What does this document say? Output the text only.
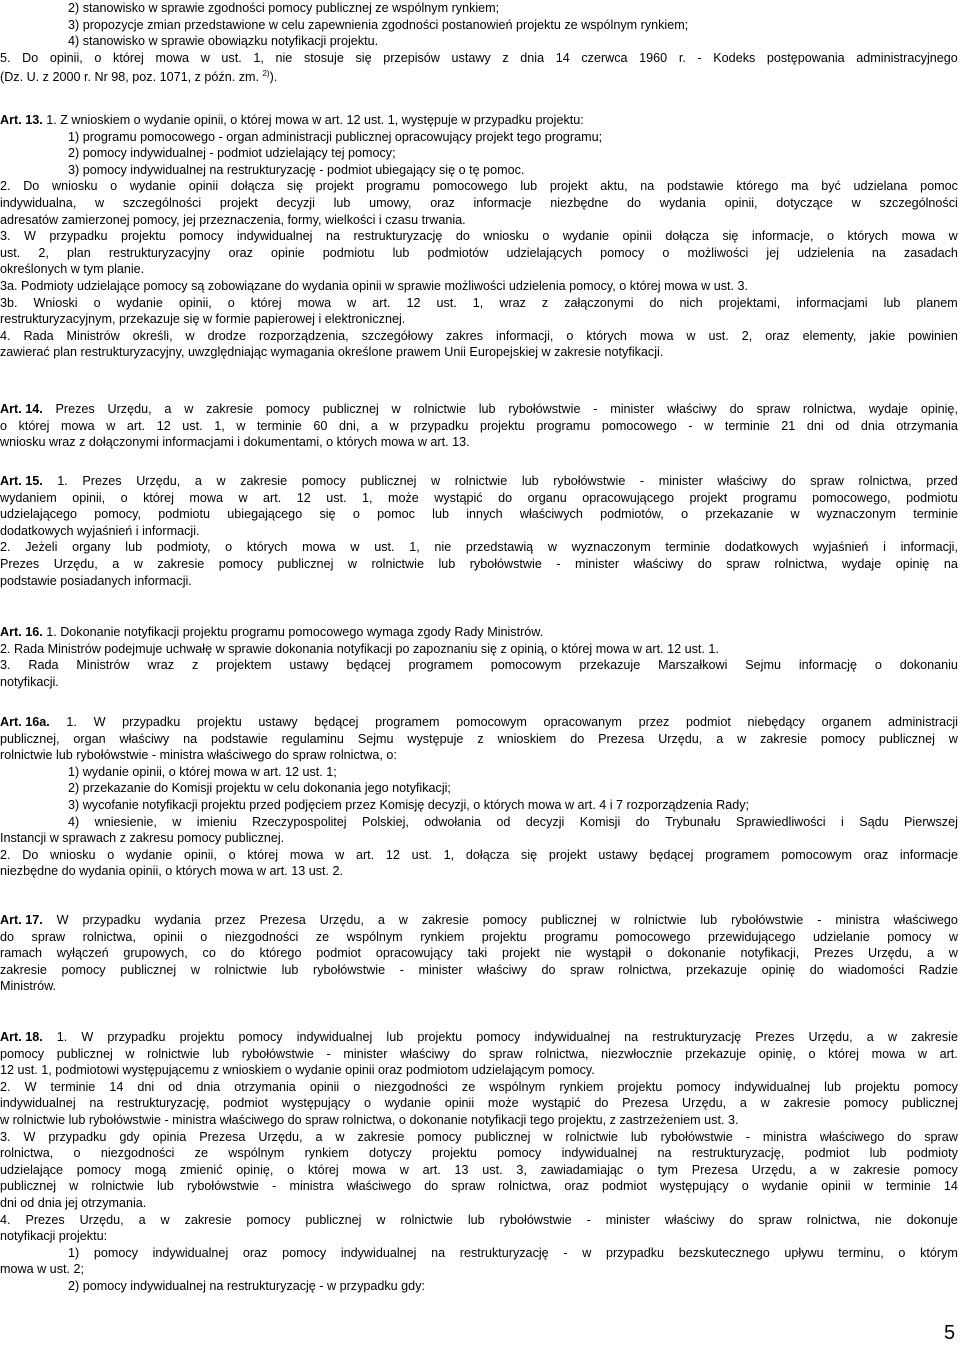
2) stanowisko w sprawie zgodności pomocy publicznej ze wspólnym rynkiem;
3) propozycje zmian przedstawione w celu zapewnienia zgodności postanowień projektu ze wspólnym rynkiem;
4) stanowisko w sprawie obowiązku notyfikacji projektu.
5. Do opinii, o której mowa w ust. 1, nie stosuje się przepisów ustawy z dnia 14 czerwca 1960 r. - Kodeks postępowania administracyjnego
(Dz. U. z 2000 r. Nr 98, poz. 1071, z późn. zm. $^{2)}$).
Art. 13. 1. Z wnioskiem o wydanie opinii, o której mowa w art. 12 ust. 1, występuje w przypadku projektu:
1) programu pomocowego - organ administracji publicznej opracowujący projekt tego programu;
2) pomocy indywidualnej - podmiot udzielający tej pomocy;
3) pomocy indywidualnej na restrukturyzację - podmiot ubiegający się o tę pomoc.
2. Do wniosku o wydanie opinii dołącza się projekt programu pomocowego lub projekt aktu, na podstawie którego ma być udzielana pomoc
indywidualna, w szczególności projekt decyzji lub umowy, oraz informacje niezbędne do wydania opinii, dotyczące w szczególności
adresatów zamierzonej pomocy, jej przeznaczenia, formy, wielkości i czasu trwania.
3. W przypadku projektu pomocy indywidualnej na restrukturyzację do wniosku o wydanie opinii dołącza się informacje, o których mowa w
ust. 2, plan restrukturyzacyjny oraz opinie podmiotu lub podmiotów udzielających pomocy o możliwości jej udzielenia na zasadach
określonych w tym planie.
3a. Podmioty udzielające pomocy są zobowiązane do wydania opinii w sprawie możliwości udzielenia pomocy, o której mowa w ust. 3.
3b. Wnioski o wydanie opinii, o której mowa w art. 12 ust. 1, wraz z załączonymi do nich projektami, informacjami lub planem
restrukturyzacyjnym, przekazuje się w formie papierowej i elektronicznej.
4. Rada Ministrów określi, w drodze rozporządzenia, szczegółowy zakres informacji, o których mowa w ust. 2, oraz elementy, jakie powinien
zawierać plan restrukturyzacyjny, uwzględniając wymagania określone prawem Unii Europejskiej w zakresie notyfikacji.
Art. 14. Prezes Urzędu, a w zakresie pomocy publicznej w rolnictwie lub rybołówstwie - minister właściwy do spraw rolnictwa, wydaje opinię,
o której mowa w art. 12 ust. 1, w terminie 60 dni, a w przypadku projektu programu pomocowego - w terminie 21 dni od dnia otrzymania
wniosku wraz z dołączonymi informacjami i dokumentami, o których mowa w art. 13.
Art. 15. 1. Prezes Urzędu, a w zakresie pomocy publicznej w rolnictwie lub rybołówstwie - minister właściwy do spraw rolnictwa, przed
wydaniem opinii, o której mowa w art. 12 ust. 1, może wystąpić do organu opracowującego projekt programu pomocowego, podmiotu
udzielającego pomocy, podmiotu ubiegającego się o pomoc lub innych właściwych podmiotów, o przekazanie w wyznaczonym terminie
dodatkowych wyjaśnień i informacji.
2. Jeżeli organy lub podmioty, o których mowa w ust. 1, nie przedstawią w wyznaczonym terminie dodatkowych wyjaśnień i informacji,
Prezes Urzędu, a w zakresie pomocy publicznej w rolnictwie lub rybołówstwie - minister właściwy do spraw rolnictwa, wydaje opinię na
podstawie posiadanych informacji.
Art. 16. 1. Dokonanie notyfikacji projektu programu pomocowego wymaga zgody Rady Ministrów.
2. Rada Ministrów podejmuje uchwałę w sprawie dokonania notyfikacji po zapoznaniu się z opinią, o której mowa w art. 12 ust. 1.
3. Rada Ministrów wraz z projektem ustawy będącej programem pomocowym przekazuje Marszałkowi Sejmu informację o dokonaniu
notyfikacji.
Art. 16a. 1. W przypadku projektu ustawy będącej programem pomocowym opracowanym przez podmiot niebędący organem administracji
publicznej, organ właściwy na podstawie regulaminu Sejmu występuje z wnioskiem do Prezesa Urzędu, a w zakresie pomocy publicznej w
rolnictwie lub rybołówstwie - ministra właściwego do spraw rolnictwa, o:
1) wydanie opinii, o której mowa w art. 12 ust. 1;
2) przekazanie do Komisji projektu w celu dokonania jego notyfikacji;
3) wycofanie notyfikacji projektu przed podjęciem przez Komisję decyzji, o których mowa w art. 4 i 7 rozporządzenia Rady;
4) wniesienie, w imieniu Rzeczypospolitej Polskiej, odwołania od decyzji Komisji do Trybunału Sprawiedliwości i Sądu Pierwszej
Instancji w sprawach z zakresu pomocy publicznej.
2. Do wniosku o wydanie opinii, o której mowa w art. 12 ust. 1, dołącza się projekt ustawy będącej programem pomocowym oraz informacje
niezbędne do wydania opinii, o których mowa w art. 13 ust. 2.
Art. 17. W przypadku wydania przez Prezesa Urzędu, a w zakresie pomocy publicznej w rolnictwie lub rybołówstwie - ministra właściwego
do spraw rolnictwa, opinii o niezgodności ze wspólnym rynkiem projektu programu pomocowego przewidującego udzielanie pomocy w
ramach wyłączeń grupowych, co do którego podmiot opracowujący taki projekt nie wystąpił o dokonanie notyfikacji, Prezes Urzędu, a w
zakresie pomocy publicznej w rolnictwie lub rybołówstwie - minister właściwy do spraw rolnictwa, przekazuje opinię do wiadomości Radzie
Ministrów.
Art. 18. 1. W przypadku projektu pomocy indywidualnej lub projektu pomocy indywidualnej na restrukturyzację Prezes Urzędu, a w zakresie
pomocy publicznej w rolnictwie lub rybołówstwie - minister właściwy do spraw rolnictwa, niezwłocznie przekazuje opinię, o której mowa w art.
12 ust. 1, podmiotowi występującemu z wnioskiem o wydanie opinii oraz podmiotom udzielającym pomocy.
2. W terminie 14 dni od dnia otrzymania opinii o niezgodności ze wspólnym rynkiem projektu pomocy indywidualnej lub projektu pomocy
indywidualnej na restrukturyzację, podmiot występujący o wydanie opinii może wystąpić do Prezesa Urzędu, a w zakresie pomocy publicznej
w rolnictwie lub rybołówstwie - ministra właściwego do spraw rolnictwa, o dokonanie notyfikacji tego projektu, z zastrzeżeniem ust. 3.
3. W przypadku gdy opinia Prezesa Urzędu, a w zakresie pomocy publicznej w rolnictwie lub rybołówstwie - ministra właściwego do spraw
rolnictwa, o niezgodności ze wspólnym rynkiem dotyczy projektu pomocy indywidualnej na restrukturyzację, podmiot lub podmioty
udzielające pomocy mogą zmienić opinię, o której mowa w art. 13 ust. 3, zawiadamiając o tym Prezesa Urzędu, a w zakresie pomocy
publicznej w rolnictwie lub rybołówstwie - ministra właściwego do spraw rolnictwa, oraz podmiot występujący o wydanie opinii w terminie 14
dni od dnia jej otrzymania.
4. Prezes Urzędu, a w zakresie pomocy publicznej w rolnictwie lub rybołówstwie - minister właściwy do spraw rolnictwa, nie dokonuje
notyfikacji projektu:
1) pomocy indywidualnej oraz pomocy indywidualnej na restrukturyzację - w przypadku bezskutecznego upływu terminu, o którym
mowa w ust. 2;
2) pomocy indywidualnej na restrukturyzację - w przypadku gdy:
5
